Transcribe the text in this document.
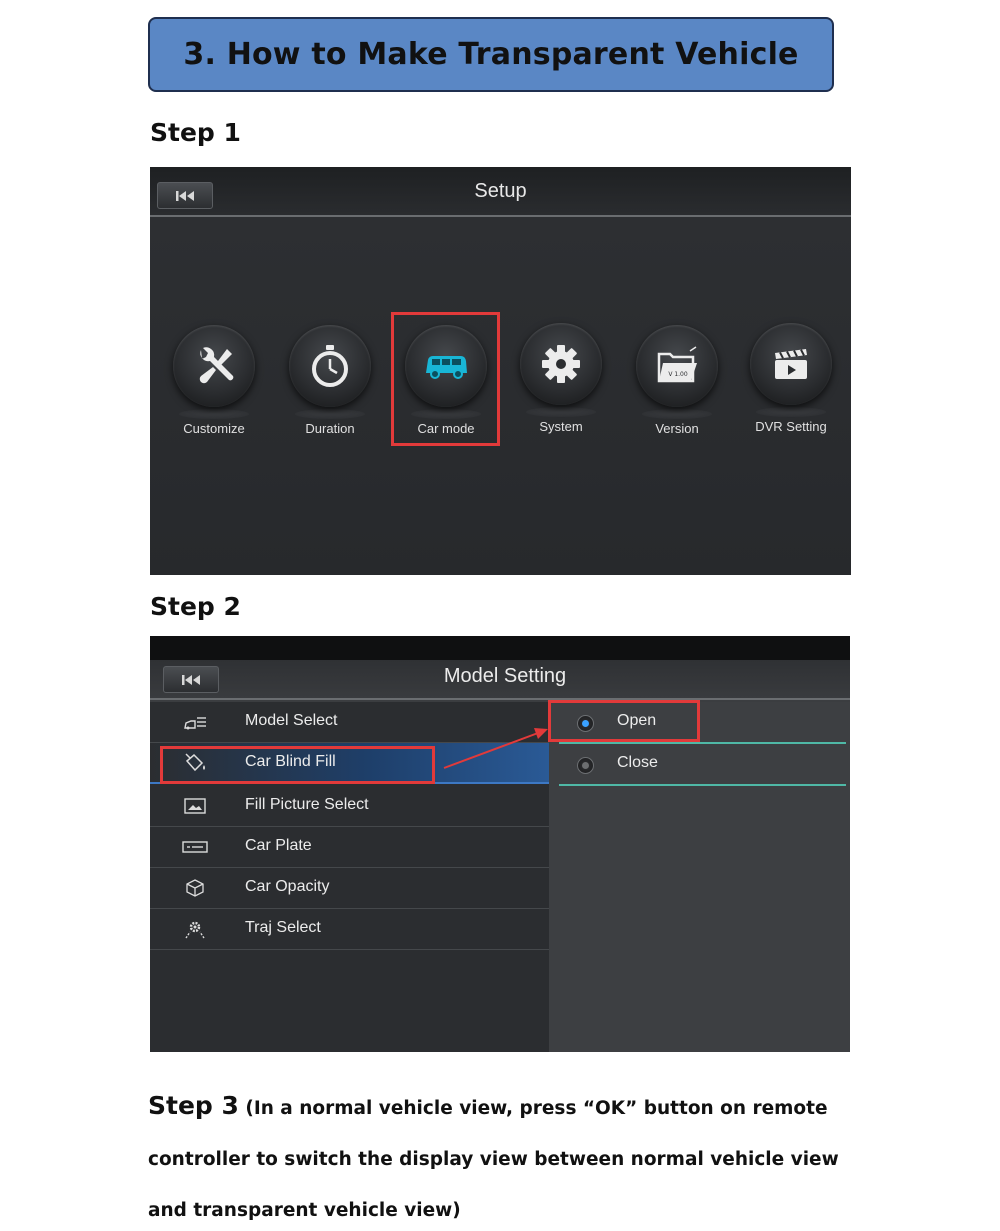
3. How to Make Transparent Vehicle
Step 1
Setup
Customize	Duration	Car mode	System
V 1.00
Version	DVR Setting
Step 2
Model Setting
Model Select
Car Blind Fill
Fill Picture Select
Car Plate
Car Opacity
Traj Select
Open
Close
Step 3 (In a normal vehicle view, press “OK” button on remote controller to switch the display view between normal vehicle view and transparent vehicle view)
